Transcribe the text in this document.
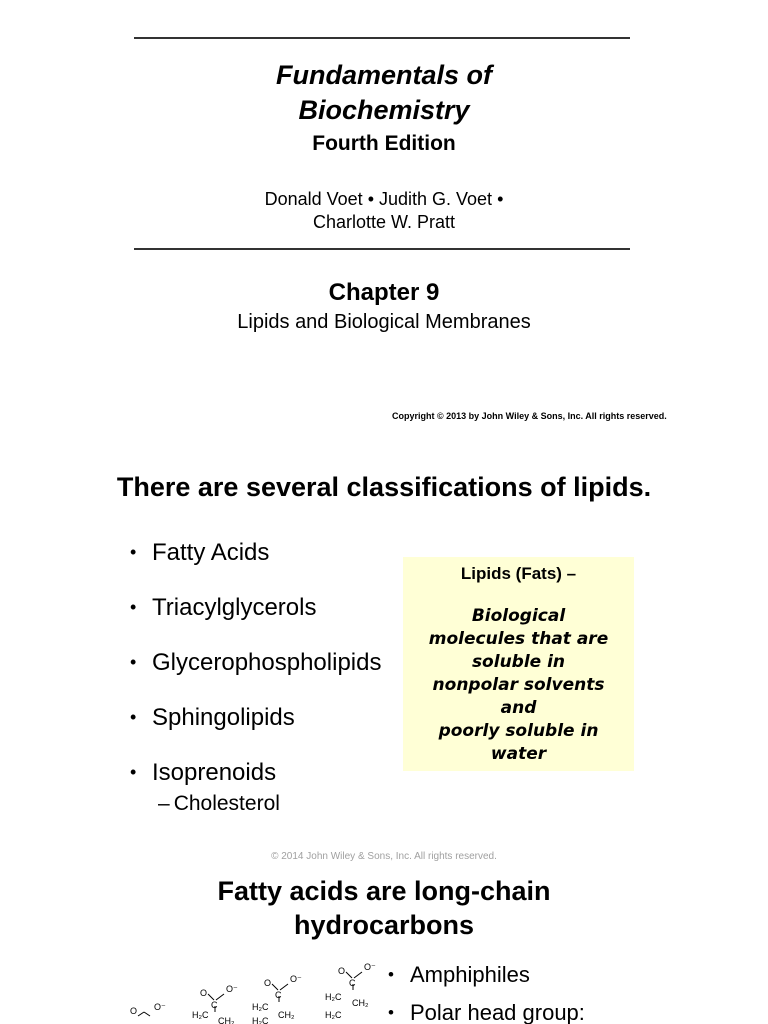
Fundamentals of
Biochemistry
Fourth Edition
Donald Voet • Judith G. Voet •
Charlotte W. Pratt
Chapter 9
Lipids and Biological Membranes
Copyright © 2013 by John Wiley & Sons, Inc. All rights reserved.
There are several classifications of lipids.
• Fatty Acids
• Triacylglycerols
• Glycerophospholipids
• Sphingolipids
• Isoprenoids
– Cholesterol
Lipids (Fats) –
Biological
molecules that are
soluble in
nonpolar solvents
and
poorly soluble in
water
© 2014 John Wiley & Sons, Inc. All rights reserved.
Fatty acids are long-chain
hydrocarbons
O O⁻
O O⁻
C
H₂C
CH₂
O O⁻
C
H₂C
CH₂
H₂C
O O⁻
C
H₂C
CH₂
H₂C
• Amphiphiles
• Polar head group:
